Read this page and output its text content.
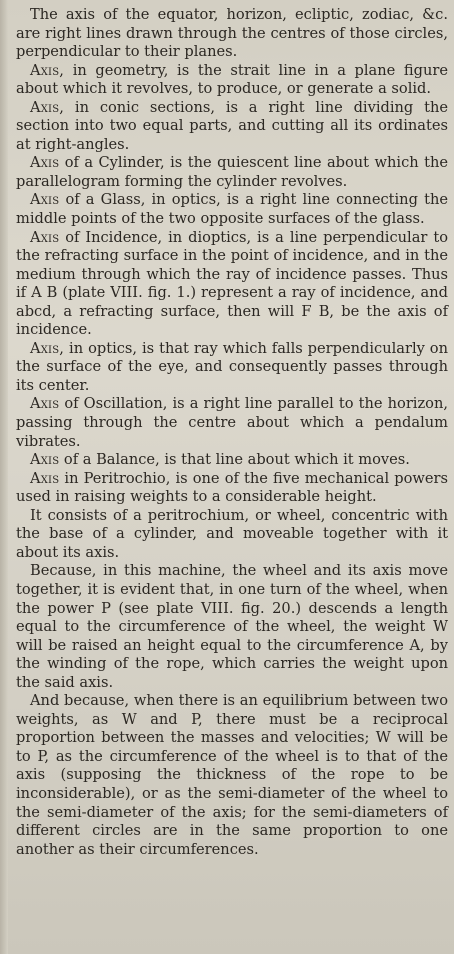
The axis of the equator, horizon, ecliptic, zodiac, &c. are right lines drawn through the centres of those circles, perpendicular to their planes.

Axis, in geometry, is the strait line in a plane figure about which it revolves, to produce, or generate a solid.

Axis, in conic sections, is a right line dividing the section into two equal parts, and cutting all its ordinates at right-angles.

Axis of a Cylinder, is the quiescent line about which the parallelogram forming the cylinder revolves.

Axis of a Glass, in optics, is a right line connecting the middle points of the two opposite surfaces of the glass.

Axis of Incidence, in dioptics, is a line perpendicular to the refracting surface in the point of incidence, and in the medium through which the ray of incidence passes. Thus if A B (plate VIII. fig. 1.) represent a ray of incidence, and abcd, a refracting surface, then will F B, be the axis of incidence.

Axis, in optics, is that ray which falls perpendicularly on the surface of the eye, and consequently passes through its center.

Axis of Oscillation, is a right line parallel to the horizon, passing through the centre about which a pendalum vibrates.

Axis of a Balance, is that line about which it moves.

Axis in Peritrochio, is one of the five mechanical powers used in raising weights to a considerable height.

It consists of a peritrochium, or wheel, concentric with the base of a cylinder, and moveable together with it about its axis.

Because, in this machine, the wheel and its axis move together, it is evident that, in one turn of the wheel, when the power P (see plate VIII. fig. 20.) descends a length equal to the circumference of the wheel, the weight W will be raised an height equal to the circumference A, by the winding of the rope, which carries the weight upon the said axis.

And because, when there is an equilibrium between two weights, as W and P, there must be a reciprocal proportion between the masses and velocities; W will be to P, as the circumference of the wheel is to that of the axis (supposing the thickness of the rope to be inconsiderable), or as the semi-diameter of the wheel to the semi-diameter of the axis; for the semi-diameters of different circles are in the same proportion to one another as their circumferences.
